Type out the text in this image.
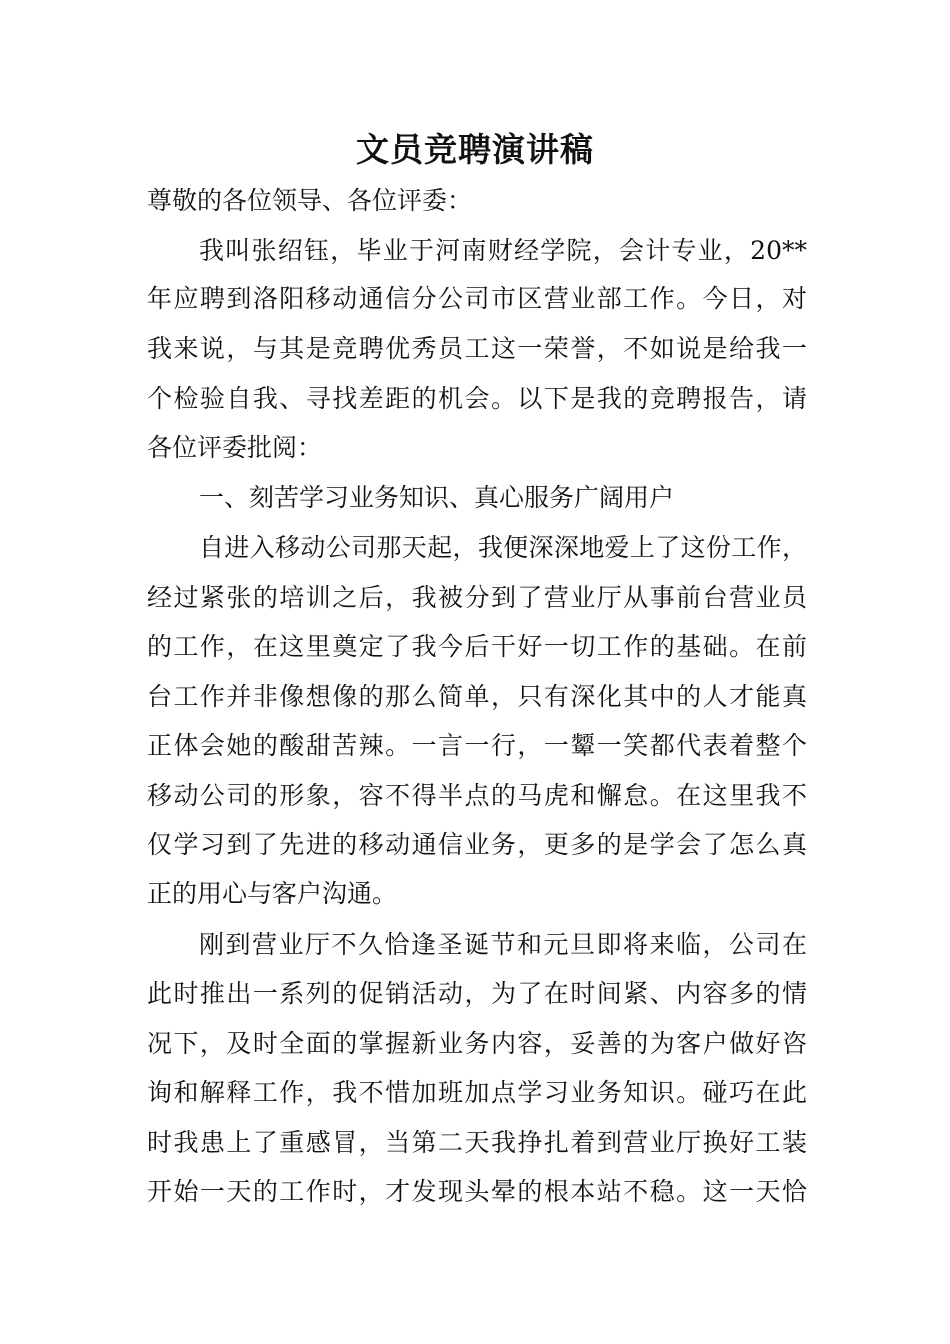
文员竞聘演讲稿
尊敬的各位领导、各位评委：
我叫张绍钰，毕业于河南财经学院，会计专业，20**
年应聘到洛阳移动通信分公司市区营业部工作。今日，对
我来说，与其是竞聘优秀员工这一荣誉，不如说是给我一
个检验自我、寻找差距的机会。以下是我的竞聘报告，请
各位评委批阅：
一、刻苦学习业务知识、真心服务广阔用户
自进入移动公司那天起，我便深深地爱上了这份工作，
经过紧张的培训之后，我被分到了营业厅从事前台营业员
的工作，在这里奠定了我今后干好一切工作的基础。在前
台工作并非像想像的那么简单，只有深化其中的人才能真
正体会她的酸甜苦辣。一言一行，一颦一笑都代表着整个
移动公司的形象，容不得半点的马虎和懈怠。在这里我不
仅学习到了先进的移动通信业务，更多的是学会了怎么真
正的用心与客户沟通。
刚到营业厅不久恰逢圣诞节和元旦即将来临，公司在
此时推出一系列的促销活动，为了在时间紧、内容多的情
况下，及时全面的掌握新业务内容，妥善的为客户做好咨
询和解释工作，我不惜加班加点学习业务知识。碰巧在此
时我患上了重感冒，当第二天我挣扎着到营业厅换好工装
开始一天的工作时，才发现头晕的根本站不稳。这一天恰
